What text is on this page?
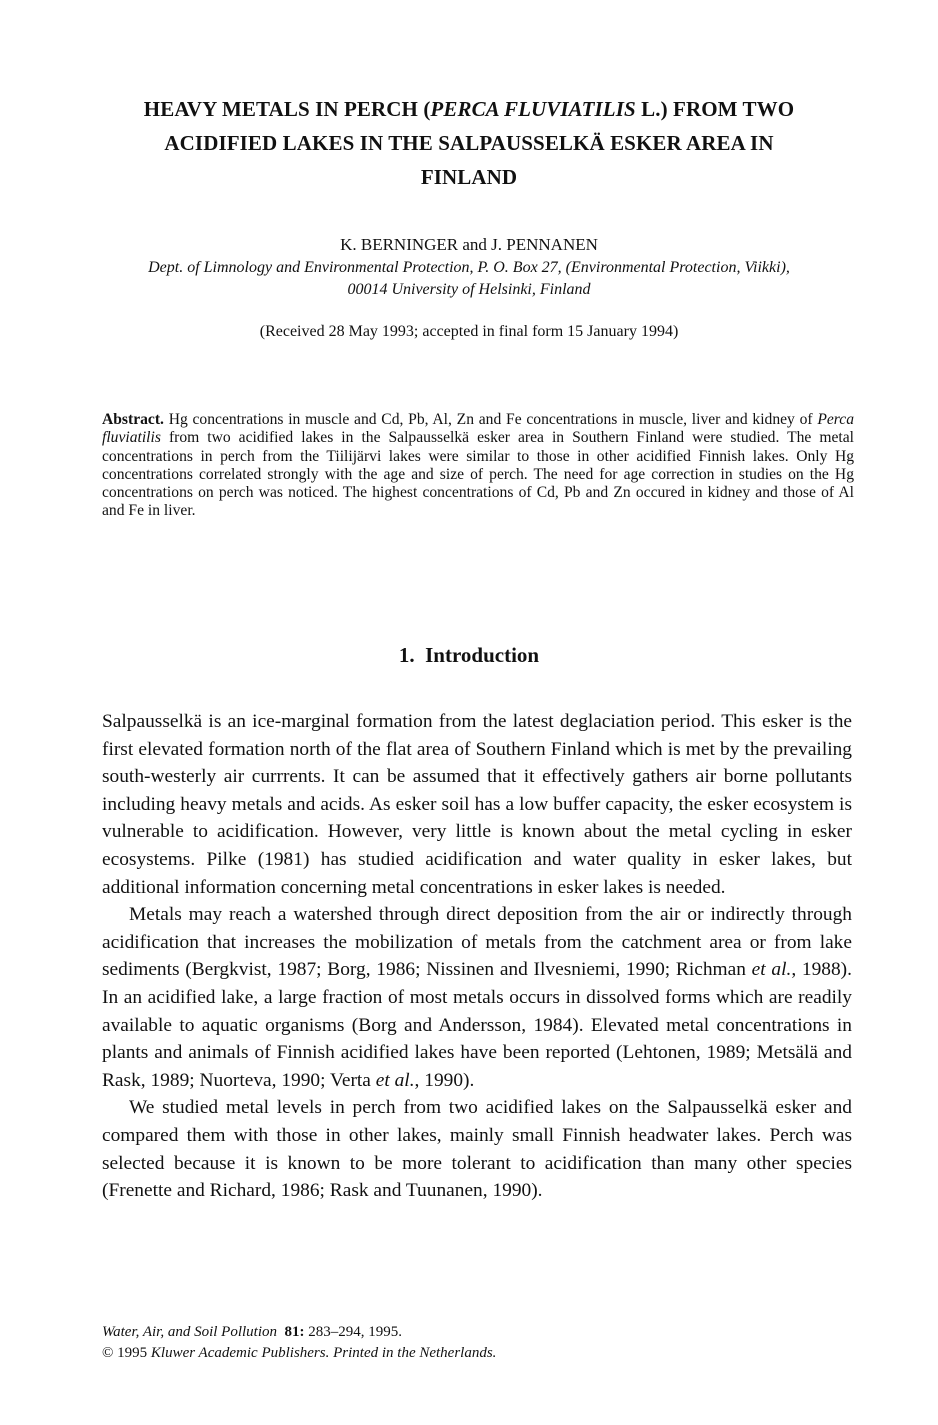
HEAVY METALS IN PERCH (PERCA FLUVIATILIS L.) FROM TWO
ACIDIFIED LAKES IN THE SALPAUSSELKÄ ESKER AREA IN
FINLAND
K. BERNINGER and J. PENNANEN
Dept. of Limnology and Environmental Protection, P. O. Box 27, (Environmental Protection, Viikki),
00014 University of Helsinki, Finland
(Received 28 May 1993; accepted in final form 15 January 1994)
Abstract. Hg concentrations in muscle and Cd, Pb, Al, Zn and Fe concentrations in muscle, liver and kidney of Perca fluviatilis from two acidified lakes in the Salpausselkä esker area in Southern Finland were studied. The metal concentrations in perch from the Tiilijärvi lakes were similar to those in other acidified Finnish lakes. Only Hg concentrations correlated strongly with the age and size of perch. The need for age correction in studies on the Hg concentrations on perch was noticed. The highest concentrations of Cd, Pb and Zn occured in kidney and those of Al and Fe in liver.
1. Introduction

Salpausselkä is an ice-marginal formation from the latest deglaciation period. This esker is the first elevated formation north of the flat area of Southern Finland which is met by the prevailing south-westerly air currrents. It can be assumed that it effectively gathers air borne pollutants including heavy metals and acids. As esker soil has a low buffer capacity, the esker ecosystem is vulnerable to acidification. However, very little is known about the metal cycling in esker ecosystems. Pilke (1981) has studied acidification and water quality in esker lakes, but additional information concerning metal concentrations in esker lakes is needed.

Metals may reach a watershed through direct deposition from the air or indirectly through acidification that increases the mobilization of metals from the catchment area or from lake sediments (Bergkvist, 1987; Borg, 1986; Nissinen and Ilvesniemi, 1990; Richman et al., 1988). In an acidified lake, a large fraction of most metals occurs in dissolved forms which are readily available to aquatic organisms (Borg and Andersson, 1984). Elevated metal concentrations in plants and animals of Finnish acidified lakes have been reported (Lehtonen, 1989; Metsälä and Rask, 1989; Nuorteva, 1990; Verta et al., 1990).

We studied metal levels in perch from two acidified lakes on the Salpausselkä esker and compared them with those in other lakes, mainly small Finnish headwater lakes. Perch was selected because it is known to be more tolerant to acidification than many other species (Frenette and Richard, 1986; Rask and Tuunanen, 1990).

Water, Air, and Soil Pollution 81: 283–294, 1995.
© 1995 Kluwer Academic Publishers. Printed in the Netherlands.
